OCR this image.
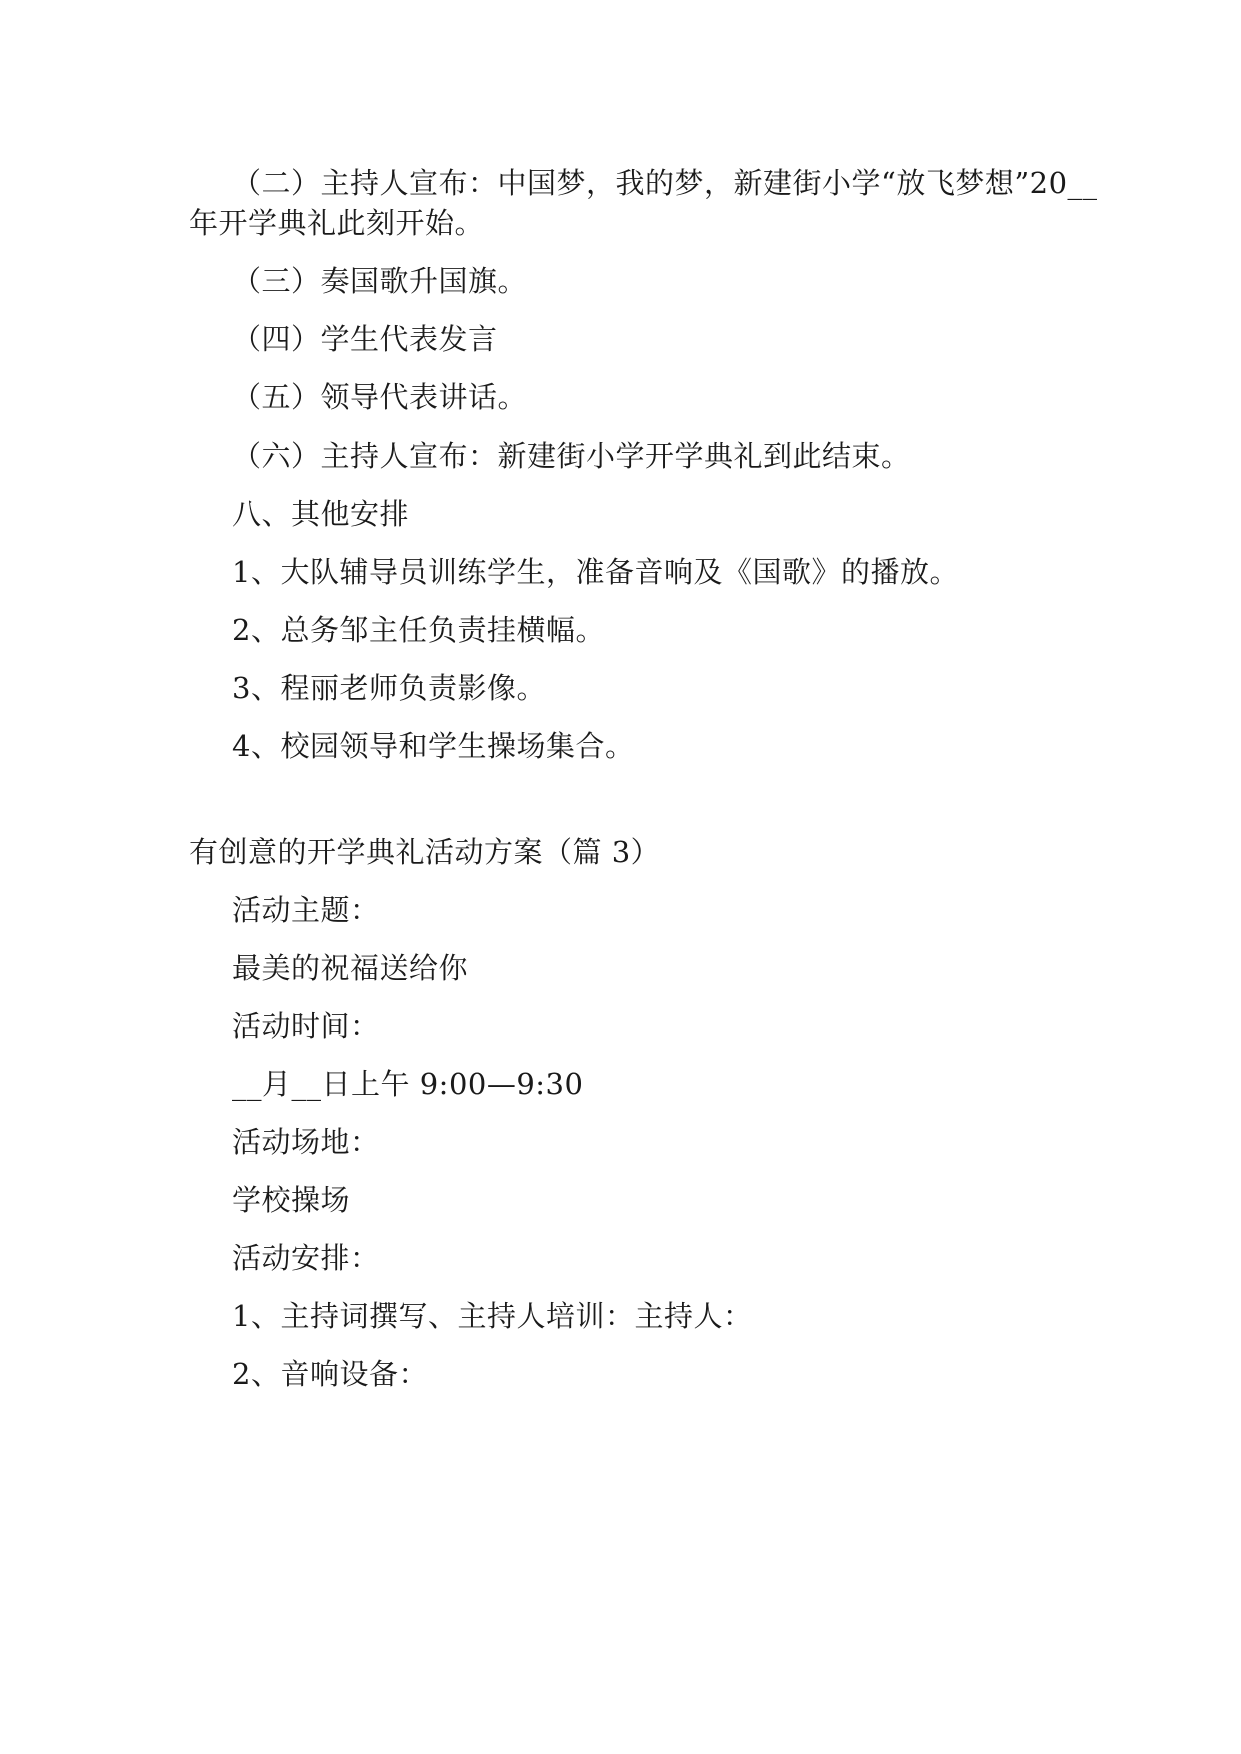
（二）主持人宣布：中国梦，我的梦，新建街小学“放飞梦想”20__
年开学典礼此刻开始。
（三）奏国歌升国旗。
（四）学生代表发言
（五）领导代表讲话。
（六）主持人宣布：新建街小学开学典礼到此结束。
八、其他安排
1、大队辅导员训练学生，准备音响及《国歌》的播放。
2、总务邹主任负责挂横幅。
3、程丽老师负责影像。
4、校园领导和学生操场集合。
有创意的开学典礼活动方案（篇 3）
活动主题：
最美的祝福送给你
活动时间：
__月__日上午 9:00—9:30
活动场地：
学校操场
活动安排：
1、主持词撰写、主持人培训：主持人：
2、音响设备：
